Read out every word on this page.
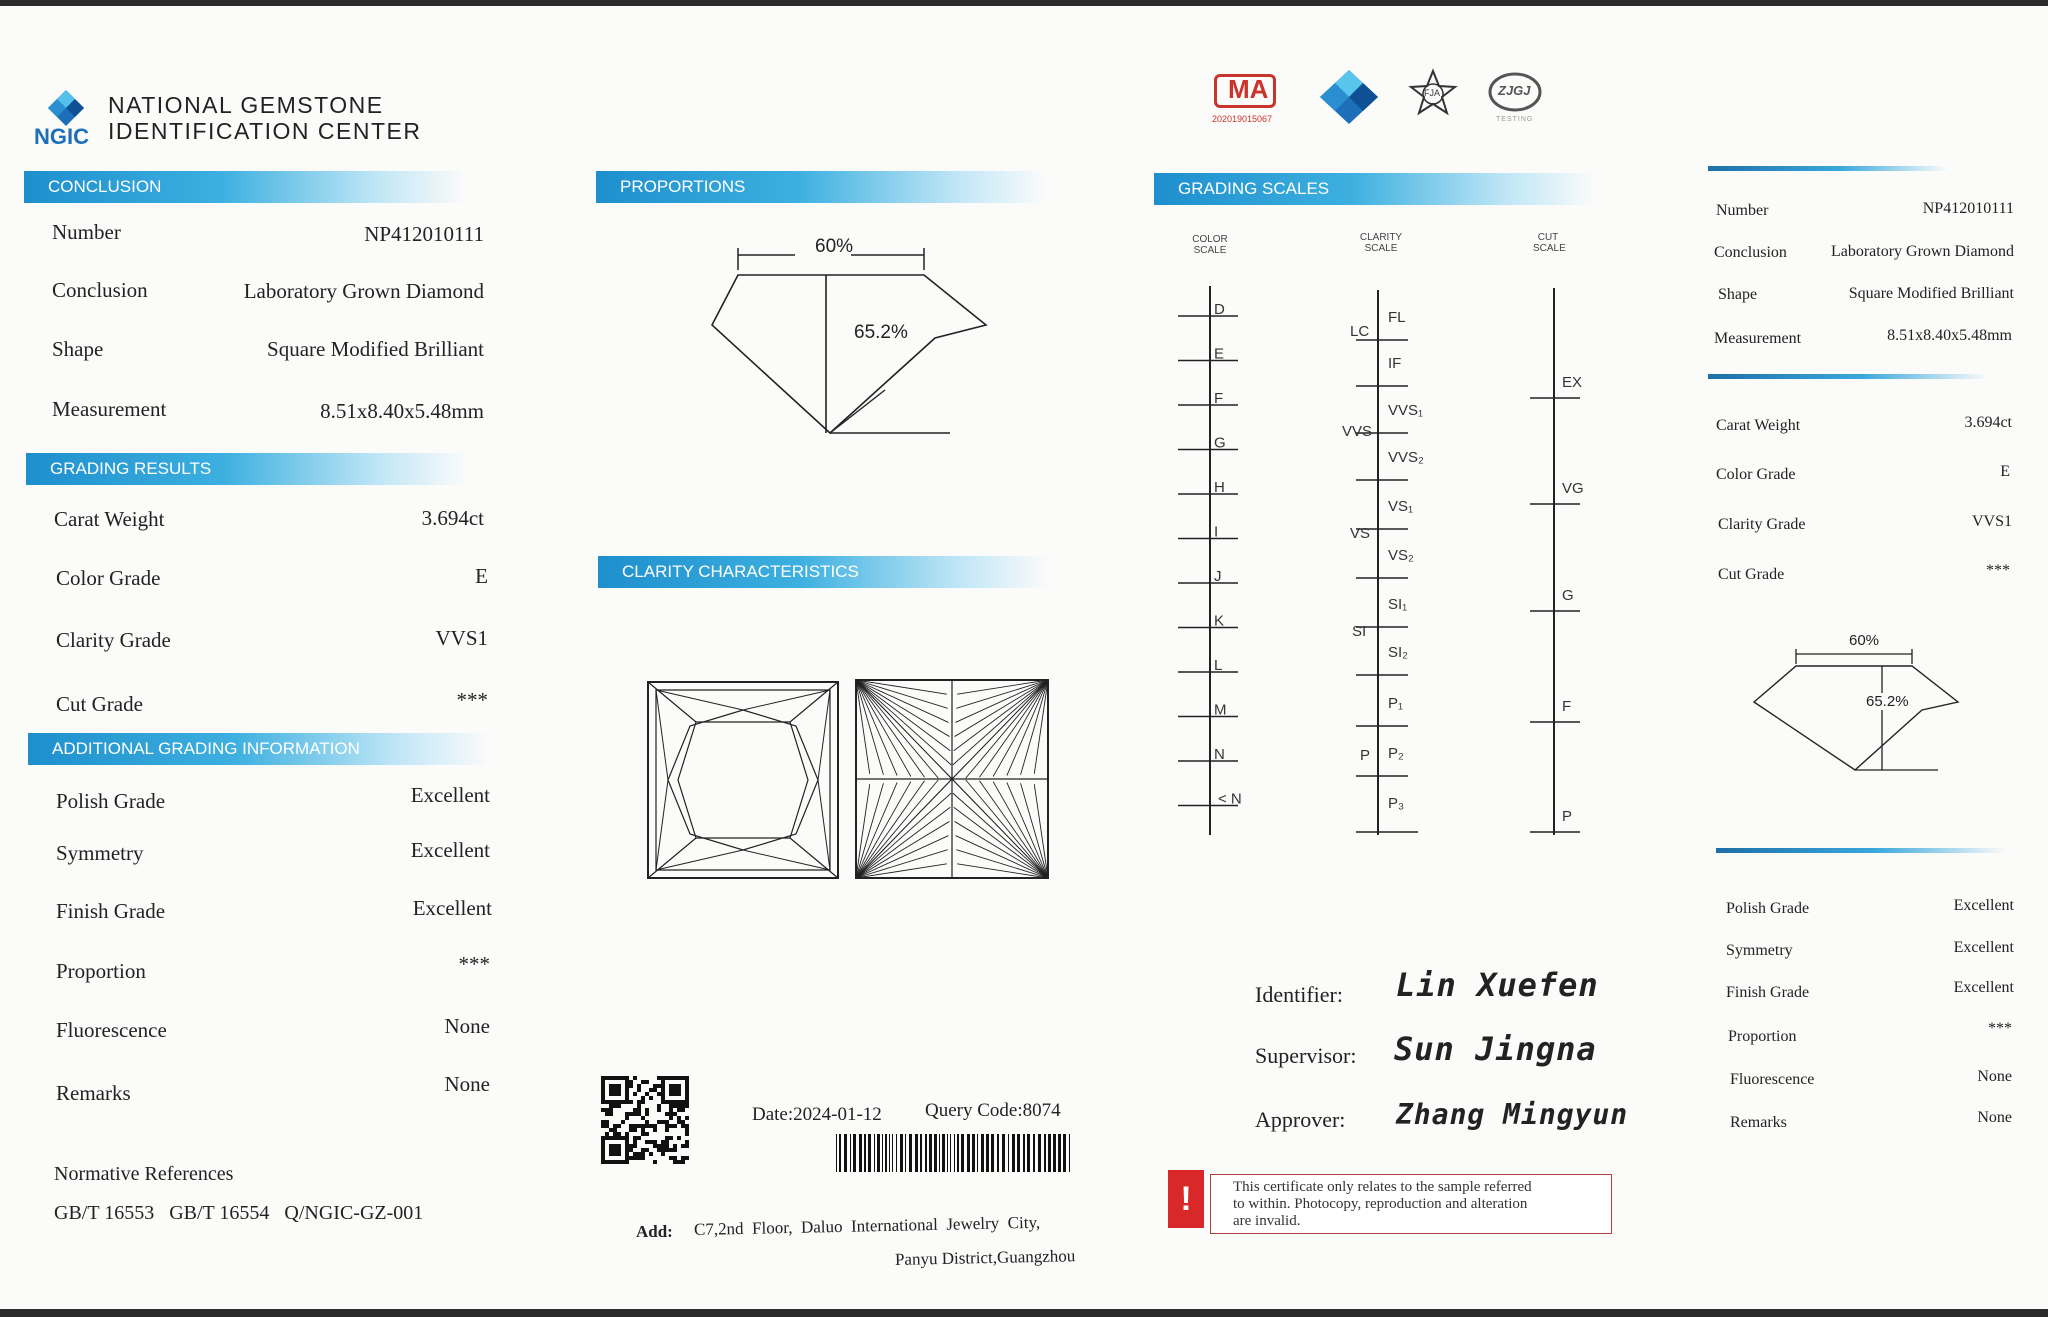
NGIC
NATIONAL GEMSTONE
IDENTIFICATION CENTER
CONCLUSION
Number	NP412010111
Conclusion	Laboratory Grown Diamond
Shape	Square Modified Brilliant
Measurement	8.51x8.40x5.48mm
GRADING RESULTS
Carat Weight	3.694ct
Color Grade	E
Clarity Grade	VVS1
Cut Grade	***
ADDITIONAL GRADING INFORMATION
Polish Grade	Excellent
Symmetry	Excellent
Finish Grade	Excellent
Proportion	***
Fluorescence	None
Remarks	None
Normative References
GB/T 16553   GB/T 16554   Q/NGIC-GZ-001
PROPORTIONS
60%
65.2%
CLARITY CHARACTERISTICS
Date:2024-01-12 Query Code:8074
Add: C7,2nd  Floor,  Daluo  International  Jewelry  City,
Panyu District,Guangzhou
MA
202019015067
FJA	ZJGJ
TESTING
GRADING SCALES
COLOR
SCALE
CLARITY
SCALE
CUT
SCALE
D
E
F
G
H
I
J
K
L
M
N
< N
FL
IF
VVS₁
VVS₂
VS₁
VS₂
SI₁
SI₂
P₁
P₂
P₃
LC
VVS
VS
SI
P
EX
VG
G
F
P
Identifier: Lin Xuefen
Supervisor: Sun Jingna
Approver: Zhang Mingyun
!	This certificate only relates to the sample referred
to within. Photocopy, reproduction and alteration
are invalid.
Number	NP412010111
Conclusion	Laboratory Grown Diamond
Shape	Square Modified Brilliant
Measurement	8.51x8.40x5.48mm
Carat Weight	3.694ct
Color Grade	E
Clarity Grade	VVS1
Cut Grade	***
60%
65.2%
Polish Grade	Excellent
Symmetry	Excellent
Finish Grade	Excellent
Proportion	***
Fluorescence	None
Remarks	None
